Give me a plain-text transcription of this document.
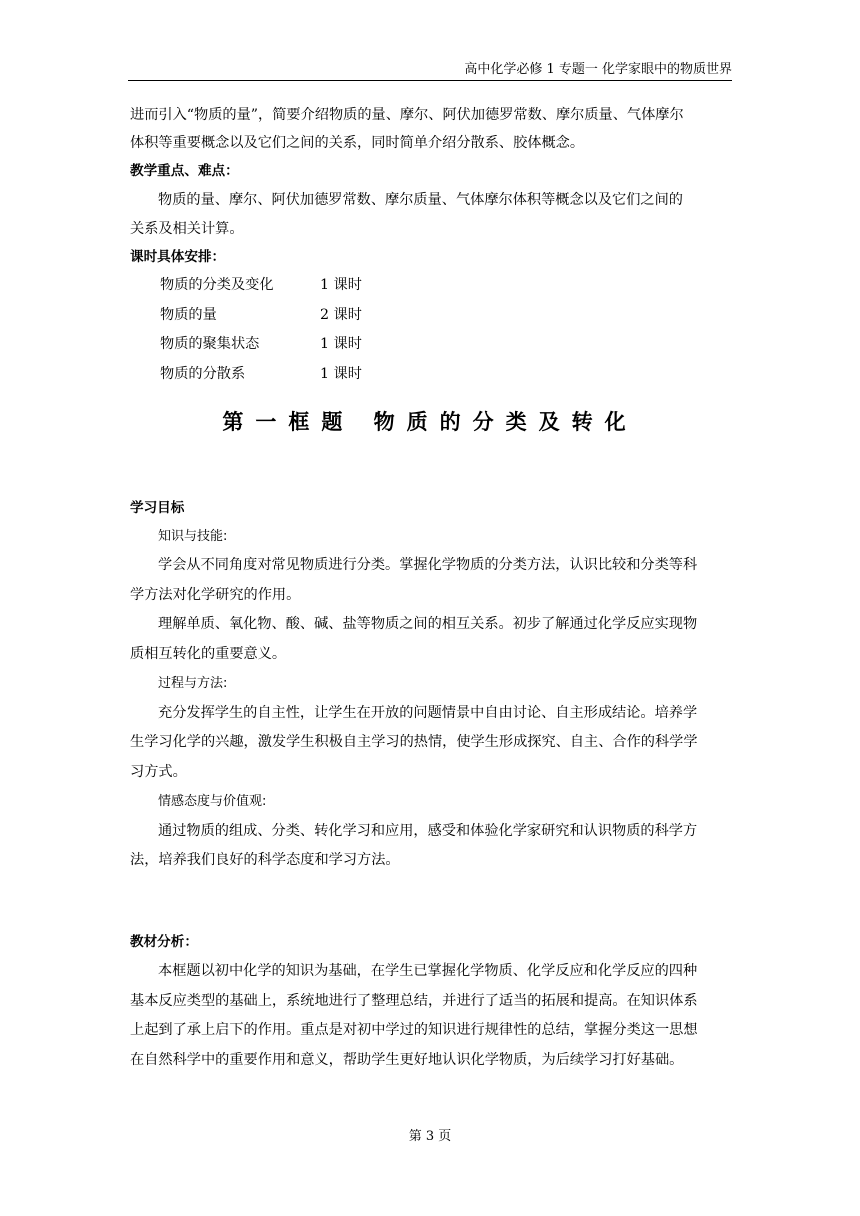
高中化学必修 1 专题一 化学家眼中的物质世界
进而引入“物质的量”，简要介绍物质的量、摩尔、阿伏加德罗常数、摩尔质量、气体摩尔
体积等重要概念以及它们之间的关系，同时简单介绍分散系、胶体概念。
教学重点、难点：
物质的量、摩尔、阿伏加德罗常数、摩尔质量、气体摩尔体积等概念以及它们之间的
关系及相关计算。
课时具体安排：
物质的分类及变化	1 课时
物质的量	2 课时
物质的聚集状态	1 课时
物质的分散系	1 课时
第一框题 物质的分类及转化
学习目标
知识与技能:
学会从不同角度对常见物质进行分类。掌握化学物质的分类方法，认识比较和分类等科
学方法对化学研究的作用。
理解单质、氧化物、酸、碱、盐等物质之间的相互关系。初步了解通过化学反应实现物
质相互转化的重要意义。
过程与方法:
充分发挥学生的自主性，让学生在开放的问题情景中自由讨论、自主形成结论。培养学
生学习化学的兴趣，激发学生积极自主学习的热情，使学生形成探究、自主、合作的科学学
习方式。
情感态度与价值观:
通过物质的组成、分类、转化学习和应用，感受和体验化学家研究和认识物质的科学方
法，培养我们良好的科学态度和学习方法。
教材分析：
本框题以初中化学的知识为基础，在学生已掌握化学物质、化学反应和化学反应的四种
基本反应类型的基础上，系统地进行了整理总结，并进行了适当的拓展和提高。在知识体系
上起到了承上启下的作用。重点是对初中学过的知识进行规律性的总结，掌握分类这一思想
在自然科学中的重要作用和意义，帮助学生更好地认识化学物质，为后续学习打好基础。
第 3 页
